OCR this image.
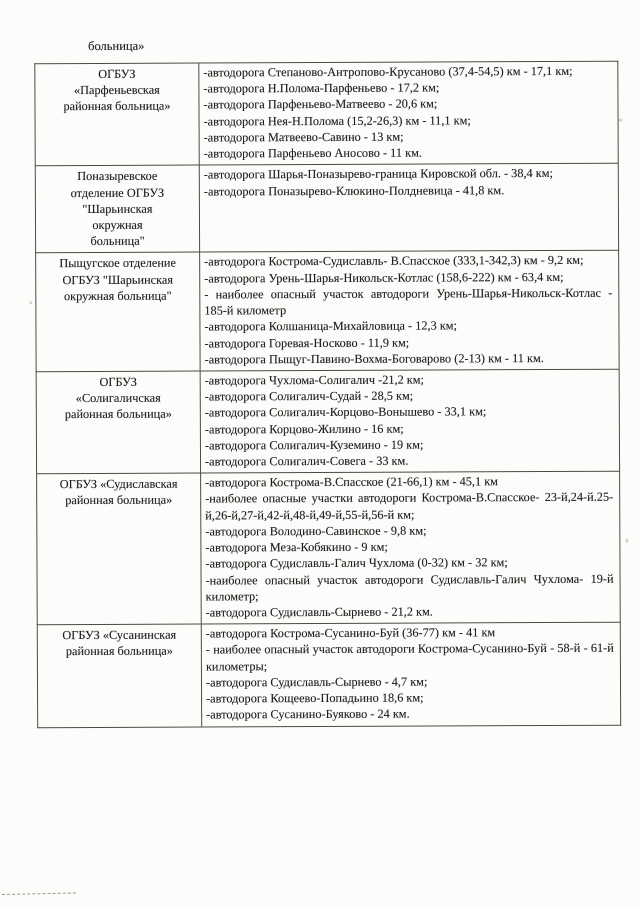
больница»
ОГБУЗ
«Парфеньевская
районная больница»	
-автодорога Степаново-Антропово-Крусаново (37,4-54,5) км - 17,1 км;
-автодорога Н.Полома-Парфеньево - 17,2 км;
-автодорога Парфеньево-Матвеево - 20,6 км;
-автодорога Нея-Н.Полома (15,2-26,3) км - 11,1 км;
-автодорога Матвеево-Савино - 13 км;
-автодорога Парфеньево Аносово - 11 км.

Поназыревское
отделение ОГБУЗ
"Шарьинская
окружная
больница"	
-автодорога Шарья-Поназырево-граница Кировской обл. - 38,4 км;
-автодорога Поназырево-Клюкино-Полдневица - 41,8 км.

Пыщугское отделение
ОГБУЗ "Шарьинская
окружная больница"	
-автодорога Кострома-Судиславль- В.Спасское (333,1-342,3) км - 9,2 км;
-автодорога Урень-Шарья-Никольск-Котлас (158,6-222) км - 63,4 км;
- наиболее опасный участок автодороги Урень-Шарья-Никольск-Котлас - 185-й километр
-автодорога Колшаница-Михайловица - 12,3 км;
-автодорога Горевая-Носково - 11,9 км;
-автодорога Пыщуг-Павино-Вохма-Боговарово (2-13) км - 11 км.

ОГБУЗ
«Солигаличская
районная больница»	
-автодорога Чухлома-Солигалич -21,2 км;
-автодорога Солигалич-Судай - 28,5 км;
-автодорога Солигалич-Корцово-Вонышево - 33,1 км;
-автодорога Корцово-Жилино - 16 км;
-автодорога Солигалич-Куземино - 19 км;
-автодорога Солигалич-Совега - 33 км.

ОГБУЗ «Судиславская
районная больница»	
-автодорога Кострома-В.Спасское (21-66,1) км - 45,1 км
-наиболее опасные участки автодороги Кострома-В.Спасское- 23-й,24-й.25-й,26-й,27-й,42-й,48-й,49-й,55-й,56-й км;
-автодорога Володино-Савинское - 9,8 км;
-автодорога Меза-Кобякино - 9 км;
-автодорога Судиславль-Галич Чухлома (0-32) км - 32 км;
-наиболее опасный участок автодороги Судиславль-Галич Чухлома- 19-й километр;
-автодорога Судиславль-Сырнево - 21,2 км.

ОГБУЗ «Сусанинская
районная больница»	
-автодорога Кострома-Сусанино-Буй (36-77) км - 41 км
- наиболее опасный участок автодороги Кострома-Сусанино-Буй - 58-й - 61-й километры;
-автодорога Судиславль-Сырнево - 4,7 км;
-автодорога Кощеево-Попадьино 18,6 км;
-автодорога Сусанино-Буяково - 24 км.
